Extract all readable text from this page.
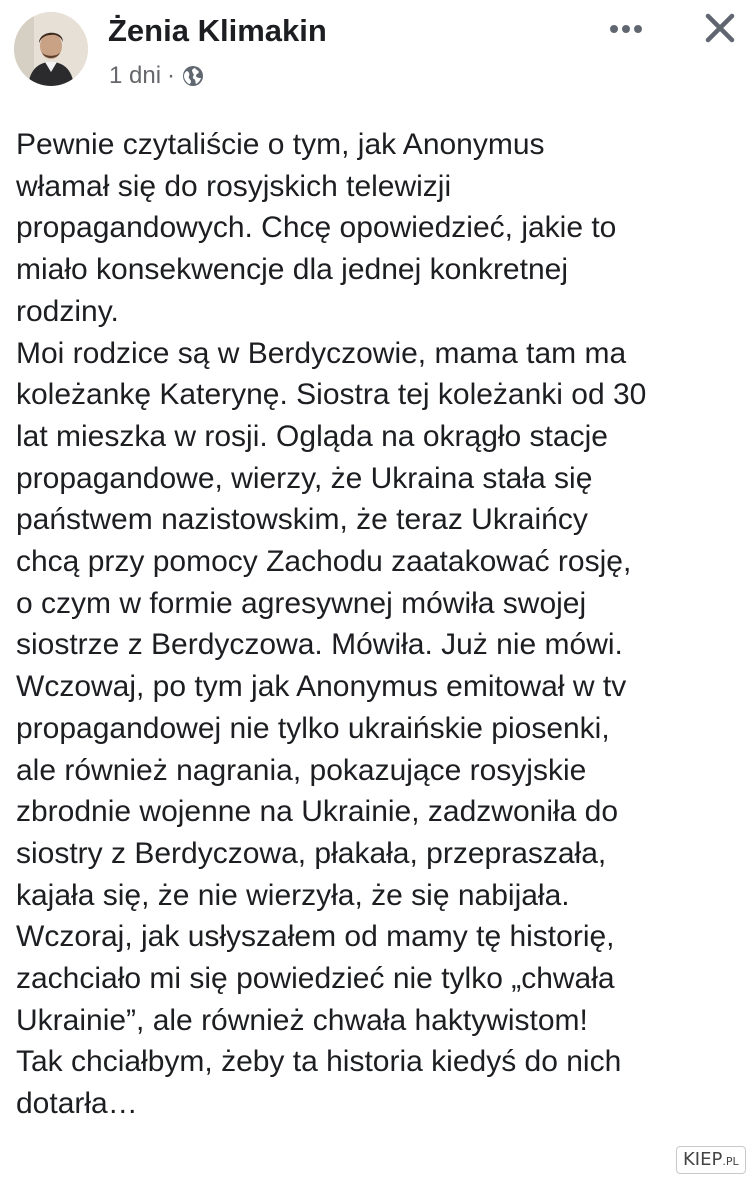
Żenia Klimakin
1 dni ·
Pewnie czytaliście o tym, jak Anonymus
włamał się do rosyjskich telewizji
propagandowych. Chcę opowiedzieć, jakie to
miało konsekwencje dla jednej konkretnej
rodziny.
Moi rodzice są w Berdyczowie, mama tam ma
koleżankę Katerynę. Siostra tej koleżanki od 30
lat mieszka w rosji. Ogląda na okrągło stacje
propagandowe, wierzy, że Ukraina stała się
państwem nazistowskim, że teraz Ukraińcy
chcą przy pomocy Zachodu zaatakować rosję,
o czym w formie agresywnej mówiła swojej
siostrze z Berdyczowa. Mówiła. Już nie mówi.
Wczowaj, po tym jak Anonymus emitował w tv
propagandowej nie tylko ukraińskie piosenki,
ale również nagrania, pokazujące rosyjskie
zbrodnie wojenne na Ukrainie, zadzwoniła do
siostry z Berdyczowa, płakała, przepraszała,
kajała się, że nie wierzyła, że się nabijała.
Wczoraj, jak usłyszałem od mamy tę historię,
zachciało mi się powiedzieć nie tylko „chwała
Ukrainie”, ale również chwała haktywistom!
Tak chciałbym, żeby ta historia kiedyś do nich
dotarła…
KIEP.PL
